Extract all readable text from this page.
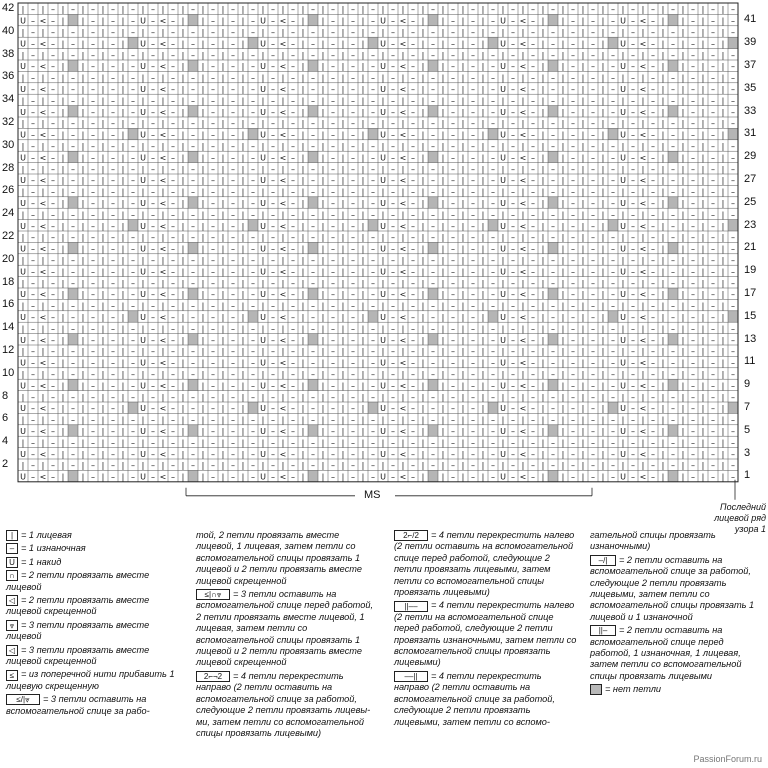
| – | – | – | – | – | – | – | – | – | – | – | – | – | – | – | – | – | – | – | – | – | – | – | – | – | – | – | – | – | – | – | – | – | – | – | –
U – < – | | – | – | – U – < – | | – | – | – U – < – | | – | – | – U – < – | | – | – | – U – < – | | – | – | – U – < – | | – | – | –
| – | – | – | – | – | – | – | – | – | – | – | – | – | – | – | – | – | – | – | – | – | – | – | – | – | – | – | – | – | – | – | – | – | – | – | –
U – < – | – | – | – | U – < – | – | – | – | U – < – | – | – | – | U – < – | – | – | – | U – < – | – | – | – | U – < – | – | – | – |
| – | – | – | – | – | – | – | – | – | – | – | – | – | – | – | – | – | – | – | – | – | – | – | – | – | – | – | – | – | – | – | – | – | – | – | –
U – < – | | – | – | – U – < – | | – | – | – U – < – | | – | – | – U – < – | | – | – | – U – < – | | – | – | – U – < – | | – | – | –
| – | – | – | – | – | – | – | – | – | – | – | – | – | – | – | – | – | – | – | – | – | – | – | – | – | – | – | – | – | – | – | – | – | – | – | –
U – < – | – | – | – | – U – < – | – | – | – | – U – < – | – | – | – | – U – < – | – | – | – | – U – < – | – | – | – | – U – < – | – | – | – | –
| – | – | – | – | – | – | – | – | – | – | – | – | – | – | – | – | – | – | – | – | – | – | – | – | – | – | – | – | – | – | – | – | – | – | – | –
U – < – | | – | – | – U – < – | | – | – | – U – < – | | – | – | – U – < – | | – | – | – U – < – | | – | – | – U – < – | | – | – | –
| – | – | – | – | – | – | – | – | – | – | – | – | – | – | – | – | – | – | – | – | – | – | – | – | – | – | – | – | – | – | – | – | – | – | – | –
U – < – | – | – | – | U – < – | – | – | – | U – < – | – | – | – | U – < – | – | – | – | U – < – | – | – | – | U – < – | – | – | – |
| – | – | – | – | – | – | – | – | – | – | – | – | – | – | – | – | – | – | – | – | – | – | – | – | – | – | – | – | – | – | – | – | – | – | – | –
U – < – | | – | – | – U – < – | | – | – | – U – < – | | – | – | – U – < – | | – | – | – U – < – | | – | – | – U – < – | | – | – | –
| – | – | – | – | – | – | – | – | – | – | – | – | – | – | – | – | – | – | – | – | – | – | – | – | – | – | – | – | – | – | – | – | – | – | – | –
U – < – | – | – | – | – U – < – | – | – | – | – U – < – | – | – | – | – U – < – | – | – | – | – U – < – | – | – | – | – U – < – | – | – | – | –
| – | – | – | – | – | – | – | – | – | – | – | – | – | – | – | – | – | – | – | – | – | – | – | – | – | – | – | – | – | – | – | – | – | – | – | –
U – < – | | – | – | – U – < – | | – | – | – U – < – | | – | – | – U – < – | | – | – | – U – < – | | – | – | – U – < – | | – | – | –
| – | – | – | – | – | – | – | – | – | – | – | – | – | – | – | – | – | – | – | – | – | – | – | – | – | – | – | – | – | – | – | – | – | – | – | –
U – < – | – | – | – | U – < – | – | – | – | U – < – | – | – | – | U – < – | – | – | – | U – < – | – | – | – | U – < – | – | – | – |
| – | – | – | – | – | – | – | – | – | – | – | – | – | – | – | – | – | – | – | – | – | – | – | – | – | – | – | – | – | – | – | – | – | – | – | –
U – < – | | – | – | – U – < – | | – | – | – U – < – | | – | – | – U – < – | | – | – | – U – < – | | – | – | – U – < – | | – | – | –
| – | – | – | – | – | – | – | – | – | – | – | – | – | – | – | – | – | – | – | – | – | – | – | – | – | – | – | – | – | – | – | – | – | – | – | –
U – < – | – | – | – | – U – < – | – | – | – | – U – < – | – | – | – | – U – < – | – | – | – | – U – < – | – | – | – | – U – < – | – | – | – | –
| – | – | – | – | – | – | – | – | – | – | – | – | – | – | – | – | – | – | – | – | – | – | – | – | – | – | – | – | – | – | – | – | – | – | – | –
U – < – | | – | – | – U – < – | | – | – | – U – < – | | – | – | – U – < – | | – | – | – U – < – | | – | – | – U – < – | | – | – | –
| – | – | – | – | – | – | – | – | – | – | – | – | – | – | – | – | – | – | – | – | – | – | – | – | – | – | – | – | – | – | – | – | – | – | – | –
U – < – | – | – | – | U – < – | – | – | – | U – < – | – | – | – | U – < – | – | – | – | U – < – | – | – | – | U – < – | – | – | – |
| – | – | – | – | – | – | – | – | – | – | – | – | – | – | – | – | – | – | – | – | – | – | – | – | – | – | – | – | – | – | – | – | – | – | – | –
U – < – | | – | – | – U – < – | | – | – | – U – < – | | – | – | – U – < – | | – | – | – U – < – | | – | – | – U – < – | | – | – | –
| – | – | – | – | – | – | – | – | – | – | – | – | – | – | – | – | – | – | – | – | – | – | – | – | – | – | – | – | – | – | – | – | – | – | – | –
U – < – | – | – | – | – U – < – | – | – | – | – U – < – | – | – | – | – U – < – | – | – | – | – U – < – | – | – | – | – U – < – | – | – | – | –
| – | – | – | – | – | – | – | – | – | – | – | – | – | – | – | – | – | – | – | – | – | – | – | – | – | – | – | – | – | – | – | – | – | – | – | –
U – < – | | – | – | – U – < – | | – | – | – U – < – | | – | – | – U – < – | | – | – | – U – < – | | – | – | – U – < – | | – | – | –
| – | – | – | – | – | – | – | – | – | – | – | – | – | – | – | – | – | – | – | – | – | – | – | – | – | – | – | – | – | – | – | – | – | – | – | –
U – < – | – | – | – | U – < – | – | – | – | U – < – | – | – | – | U – < – | – | – | – | U – < – | – | – | – | U – < – | – | – | – |
| – | – | – | – | – | – | – | – | – | – | – | – | – | – | – | – | – | – | – | – | – | – | – | – | – | – | – | – | – | – | – | – | – | – | – | –
U – < – | | – | – | – U – < – | | – | – | – U – < – | | – | – | – U – < – | | – | – | – U – < – | | – | – | – U – < – | | – | – | –
| – | – | – | – | – | – | – | – | – | – | – | – | – | – | – | – | – | – | – | – | – | – | – | – | – | – | – | – | – | – | – | – | – | – | – | –
U – < – | – | – | – | – U – < – | – | – | – | – U – < – | – | – | – | – U – < – | – | – | – | – U – < – | – | – | – | – U – < – | – | – | – | –
| – | – | – | – | – | – | – | – | – | – | – | – | – | – | – | – | – | – | – | – | – | – | – | – | – | – | – | – | – | – | – | – | – | – | – | –
U – < – | | – | – | – U – < – | | – | – | – U – < – | | – | – | – U – < – | | – | – | – U – < – | | – | – | – U – < – | | – | – | –
42
40
38
36
34
32
30
28
26
24
22
20
18
16
14
12
10
8
6
4
2
41
39
37
35
33
31
29
27
25
23
21
19
17
15
13
11
9
7
5
3
1
MS
Последний лицевой ряд узора 1
| = 1 лицевая
– = 1 изнаночная
U = 1 накид
∩ = 2 петли провязать вместе лицевой
◁ = 2 петли провязать вместе лицевой скрещенной
⩔ = 3 петли провязать вместе лицевой
◁ = 3 петли провязать вместе лицевой скрещенной
≤ = из поперечной нити прибавить 1 лицевую скрещенную
≤/|⩔ = 3 петли оставить на вспомогательной спице за рабо-
той, 2 петли провязать вместе лицевой, 1 лицевая, затем петли со вспомогательной спицы провязать 1 лицевой и 2 петли провязать вместе лицевой скрещенной
≤|∩⩔ = 3 петли оставить на вспомогательной спице перед работой, 2 петли провязать вместе лицевой, 1 лицевая, затем петли со вспомогательной спицы провязать 1 лицевой и 2 петли провязать вместе лицевой скрещенной
2⌐¬2 = 4 петли перекрестить направо (2 петли оставить на вспомогательной спице за работой, следующие 2 петли провязать лицевы-ми, затем петли со вспомогательной спицы провязать лицевыми)
2⌐/2 = 4 петли перекрестить налево (2 петли оставить на вспомогательной спице перед работой, следующие 2 петли провязать лицевыми, затем петли со вспомогательной спицы провязать лицевыми)
||–– = 4 петли перекрестить налево (2 петли на вспомогательной спице перед работой, следующие 2 петли провязать изнаночными, затем петли со вспомогательной спицы провязать лицевыми)
––|| = 4 петли перекрестить направо (2 петли оставить на вспомогательной спице за работой, следующие 2 петли провязать лицевыми, затем петли со вспомо-
гательной спицы провязать изнаночными)
–/| = 2 петли оставить на вспомогательной спице за работой, следующие 2 петли провязать лицевыми, затем петли со вспомогательной спицы провязать 1 лицевой и 1 изнаночной
||– = 2 петли оставить на вспомогательной спице перед работой, 1 изнаночная, 1 лицевая, затем петли со вспомогательной спицы провязать лицевыми
= нет петли
PassionForum.ru
